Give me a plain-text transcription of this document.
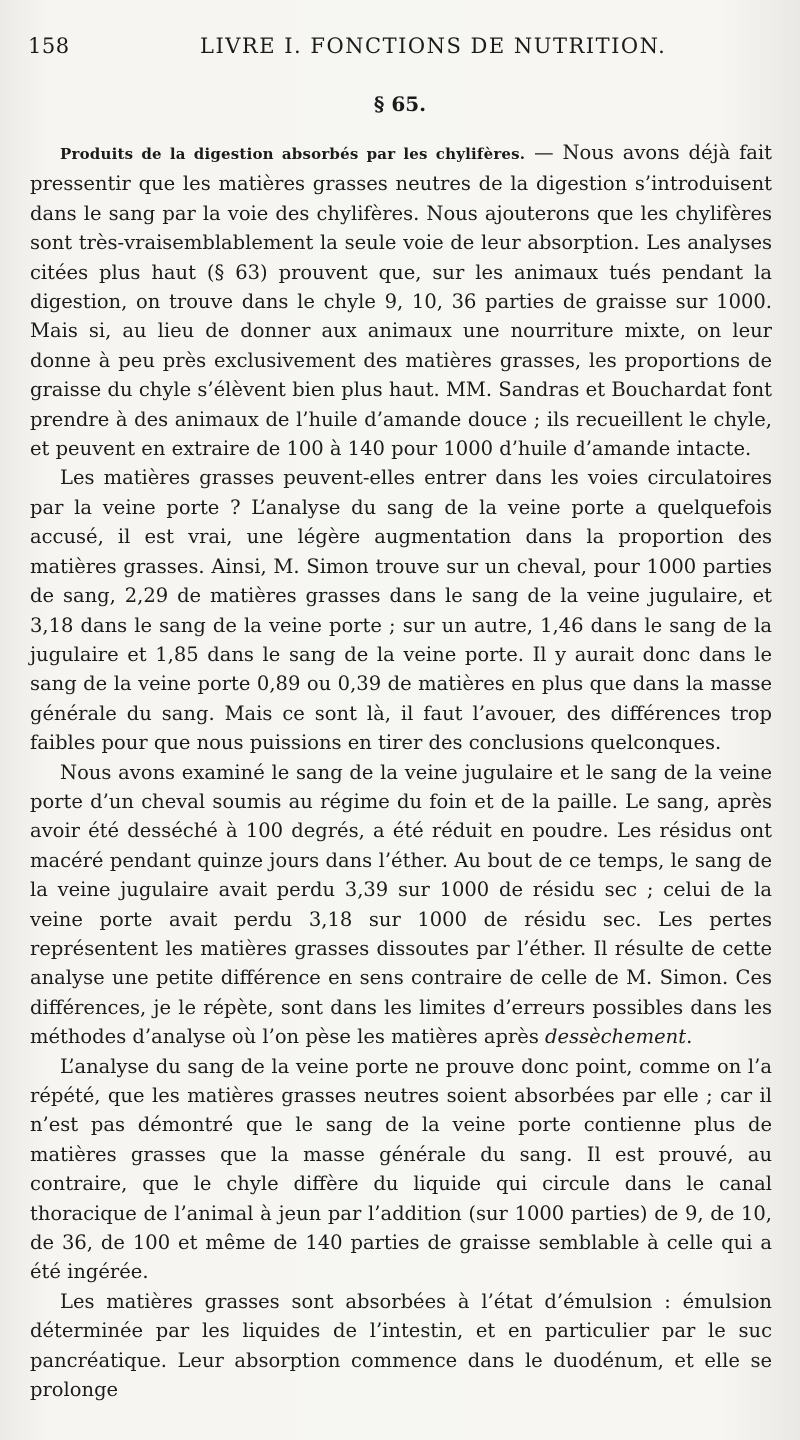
158	LIVRE I. FONCTIONS DE NUTRITION.
§ 65.

Produits de la digestion absorbés par les chylifères. — Nous avons déjà fait pressentir que les matières grasses neutres de la digestion s’introduisent dans le sang par la voie des chylifères. Nous ajouterons que les chylifères sont très-vraisemblablement la seule voie de leur absorption. Les analyses citées plus haut (§ 63) prouvent que, sur les animaux tués pendant la digestion, on trouve dans le chyle 9, 10, 36 parties de graisse sur 1000. Mais si, au lieu de donner aux animaux une nourriture mixte, on leur donne à peu près exclusivement des matières grasses, les proportions de graisse du chyle s’élèvent bien plus haut. MM. Sandras et Bouchardat font prendre à des animaux de l’huile d’amande douce ; ils recueillent le chyle, et peuvent en extraire de 100 à 140 pour 1000 d’huile d’amande intacte.

Les matières grasses peuvent-elles entrer dans les voies circulatoires par la veine porte ? L’analyse du sang de la veine porte a quelquefois accusé, il est vrai, une légère augmentation dans la proportion des matières grasses. Ainsi, M. Simon trouve sur un cheval, pour 1000 parties de sang, 2,29 de matières grasses dans le sang de la veine jugulaire, et 3,18 dans le sang de la veine porte ; sur un autre, 1,46 dans le sang de la jugulaire et 1,85 dans le sang de la veine porte. Il y aurait donc dans le sang de la veine porte 0,89 ou 0,39 de matières en plus que dans la masse générale du sang. Mais ce sont là, il faut l’avouer, des différences trop faibles pour que nous puissions en tirer des conclusions quelconques.

Nous avons examiné le sang de la veine jugulaire et le sang de la veine porte d’un cheval soumis au régime du foin et de la paille. Le sang, après avoir été desséché à 100 degrés, a été réduit en poudre. Les résidus ont macéré pendant quinze jours dans l’éther. Au bout de ce temps, le sang de la veine jugulaire avait perdu 3,39 sur 1000 de résidu sec ; celui de la veine porte avait perdu 3,18 sur 1000 de résidu sec. Les pertes représentent les matières grasses dissoutes par l’éther. Il résulte de cette analyse une petite différence en sens contraire de celle de M. Simon. Ces différences, je le répète, sont dans les limites d’erreurs possibles dans les méthodes d’analyse où l’on pèse les matières après dessèchement.

L’analyse du sang de la veine porte ne prouve donc point, comme on l’a répété, que les matières grasses neutres soient absorbées par elle ; car il n’est pas démontré que le sang de la veine porte contienne plus de matières grasses que la masse générale du sang. Il est prouvé, au contraire, que le chyle diffère du liquide qui circule dans le canal thoracique de l’animal à jeun par l’addition (sur 1000 parties) de 9, de 10, de 36, de 100 et même de 140 parties de graisse semblable à celle qui a été ingérée.

Les matières grasses sont absorbées à l’état d’émulsion : émulsion déterminée par les liquides de l’intestin, et en particulier par le suc pancréatique. Leur absorption commence dans le duodénum, et elle se prolonge
